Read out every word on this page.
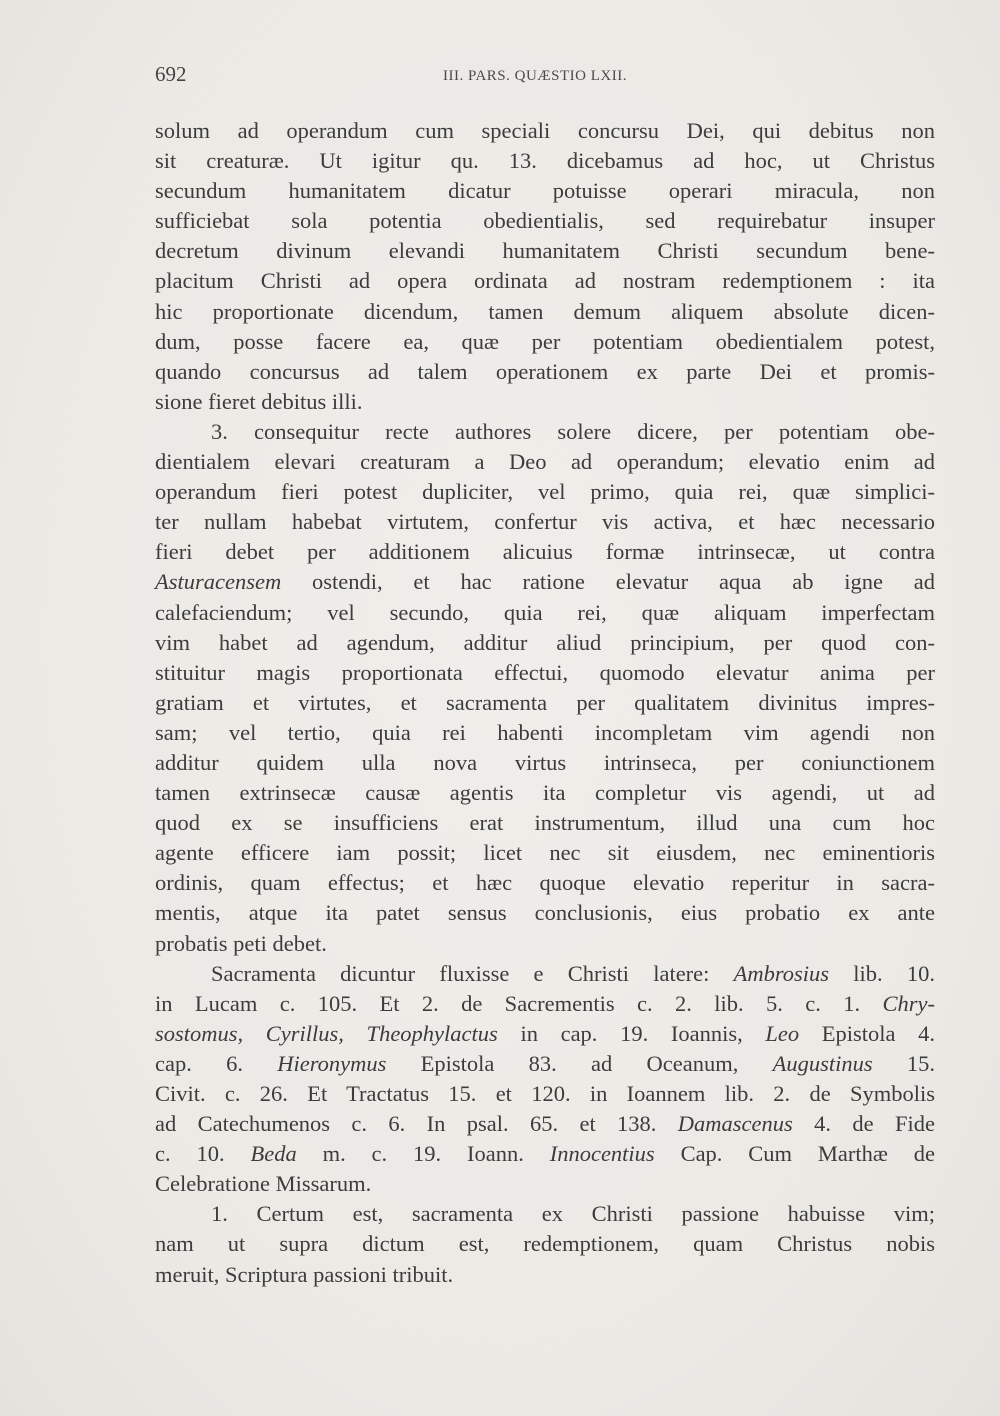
692	III. PARS. QUÆSTIO LXII.
solum ad operandum cum speciali concursu Dei, qui debitus non
sit creaturæ. Ut igitur qu. 13. dicebamus ad hoc, ut Christus
secundum humanitatem dicatur potuisse operari miracula, non
sufficiebat sola potentia obedientialis, sed requirebatur insuper
decretum divinum elevandi humanitatem Christi secundum bene-
placitum Christi ad opera ordinata ad nostram redemptionem : ita
hic proportionate dicendum, tamen demum aliquem absolute dicen-
dum, posse facere ea, quæ per potentiam obedientialem potest,
quando concursus ad talem operationem ex parte Dei et promis-
sione fieret debitus illi.
3. consequitur recte authores solere dicere, per potentiam obe-
dientialem elevari creaturam a Deo ad operandum; elevatio enim ad
operandum fieri potest dupliciter, vel primo, quia rei, quæ simplici-
ter nullam habebat virtutem, confertur vis activa, et hæc necessario
fieri debet per additionem alicuius formæ intrinsecæ, ut contra
Asturacensem ostendi, et hac ratione elevatur aqua ab igne ad
calefaciendum; vel secundo, quia rei, quæ aliquam imperfectam
vim habet ad agendum, additur aliud principium, per quod con-
stituitur magis proportionata effectui, quomodo elevatur anima per
gratiam et virtutes, et sacramenta per qualitatem divinitus impres-
sam; vel tertio, quia rei habenti incompletam vim agendi non
additur quidem ulla nova virtus intrinseca, per coniunctionem
tamen extrinsecæ causæ agentis ita completur vis agendi, ut ad
quod ex se insufficiens erat instrumentum, illud una cum hoc
agente efficere iam possit; licet nec sit eiusdem, nec eminentioris
ordinis, quam effectus; et hæc quoque elevatio reperitur in sacra-
mentis, atque ita patet sensus conclusionis, eius probatio ex ante
probatis peti debet.
Sacramenta dicuntur fluxisse e Christi latere: Ambrosius lib. 10.
in Lucam c. 105. Et 2. de Sacrementis c. 2. lib. 5. c. 1. Chry-
sostomus, Cyrillus, Theophylactus in cap. 19. Ioannis, Leo Epistola 4.
cap. 6. Hieronymus Epistola 83. ad Oceanum, Augustinus 15.
Civit. c. 26. Et Tractatus 15. et 120. in Ioannem lib. 2. de Symbolis
ad Catechumenos c. 6. In psal. 65. et 138. Damascenus 4. de Fide
c. 10. Beda m. c. 19. Ioann. Innocentius Cap. Cum Marthæ de
Celebratione Missarum.
1. Certum est, sacramenta ex Christi passione habuisse vim;
nam ut supra dictum est, redemptionem, quam Christus nobis
meruit, Scriptura passioni tribuit.
